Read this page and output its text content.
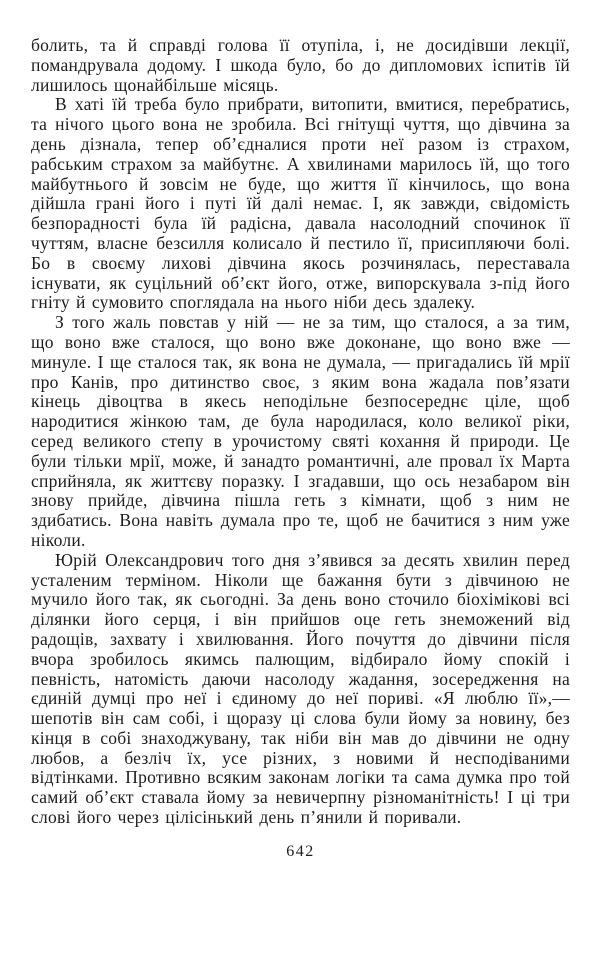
болить, та й справді голова її отупіла, і, не досидівши лекції, помандрувала додому. І шкода було, бо до дипломових іспитів їй лишилось щонайбільше місяць.

В хаті їй треба було прибрати, витопити, вмитися, перебратись, та нічого цього вона не зробила. Всі гнітущі чуття, що дівчина за день дізнала, тепер об’єдналися проти неї разом із страхом, рабським страхом за майбутнє. А хвилинами марилось їй, що того майбутнього й зовсім не буде, що життя її кінчилось, що вона дійшла грані його і путі їй далі немає. І, як завжди, свідомість безпорадності була їй радісна, давала насолодний спочинок її чуттям, власне безсилля колисало й пестило її, присипляючи болі. Бо в своєму лихові дівчина якось розчинялась, переставала існувати, як суцільний об’єкт його, отже, випорскувала з-під його гніту й сумовито споглядала на нього ніби десь здалеку.

З того жаль повстав у ній — не за тим, що сталося, а за тим, що воно вже сталося, що воно вже доконане, що воно вже — минуле. І ще сталося так, як вона не думала, — пригадались їй мрії про Канів, про дитинство своє, з яким вона жадала пов’язати кінець дівоцтва в якесь неподільне безпосереднє ціле, щоб народитися жінкою там, де була народилася, коло великої ріки, серед великого степу в урочистому святі кохання й природи. Це були тільки мрії, може, й занадто романтичні, але провал їх Марта сприйняла, як життєву поразку. І згадавши, що ось незабаром він знову прийде, дівчина пішла геть з кімнати, щоб з ним не здибатись. Вона навіть думала про те, щоб не бачитися з ним уже ніколи.

Юрій Олександрович того дня з’явився за десять хвилин перед усталеним терміном. Ніколи ще бажання бути з дівчиною не мучило його так, як сьогодні. За день воно сточило біохімікові всі ділянки його серця, і він прийшов оце геть знеможений від радощів, захвату і хвилювання. Його почуття до дівчини після вчора зробилось якимсь палющим, відбирало йому спокій і певність, натомість даючи насолоду жадання, зосередження на єдиній думці про неї і єдиному до неї пориві. «Я люблю її»,— шепотів він сам собі, і щоразу ці слова були йому за новину, без кінця в собі знаходжувану, так ніби він мав до дівчини не одну любов, а безліч їх, усе різних, з новими й несподіваними відтінками. Противно всяким законам логіки та сама думка про той самий об’єкт ставала йому за невичерпну різноманітність! І ці три слові його через цілісінький день п’янили й поривали.

642
